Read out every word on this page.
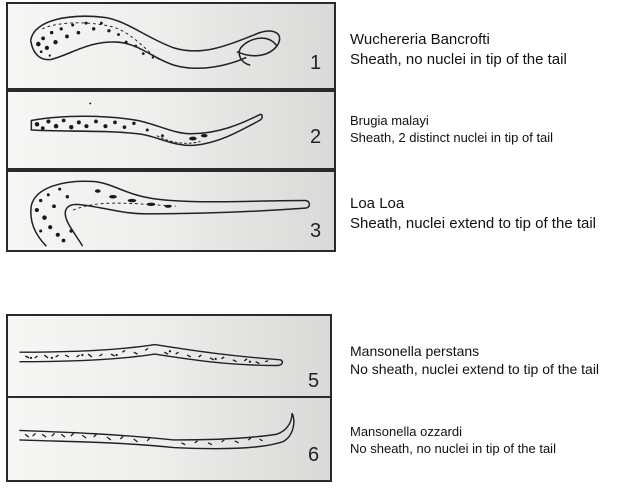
1
2
3
5
6
Wuchereria Bancrofti
Sheath, no nuclei in tip of the tail
Brugia malayi
Sheath, 2 distinct nuclei in tip of tail
Loa Loa
Sheath, nuclei extend to tip of the tail
Mansonella perstans
No sheath, nuclei extend to tip of the tail
Mansonella ozzardi
No sheath, no nuclei in tip of the tail
